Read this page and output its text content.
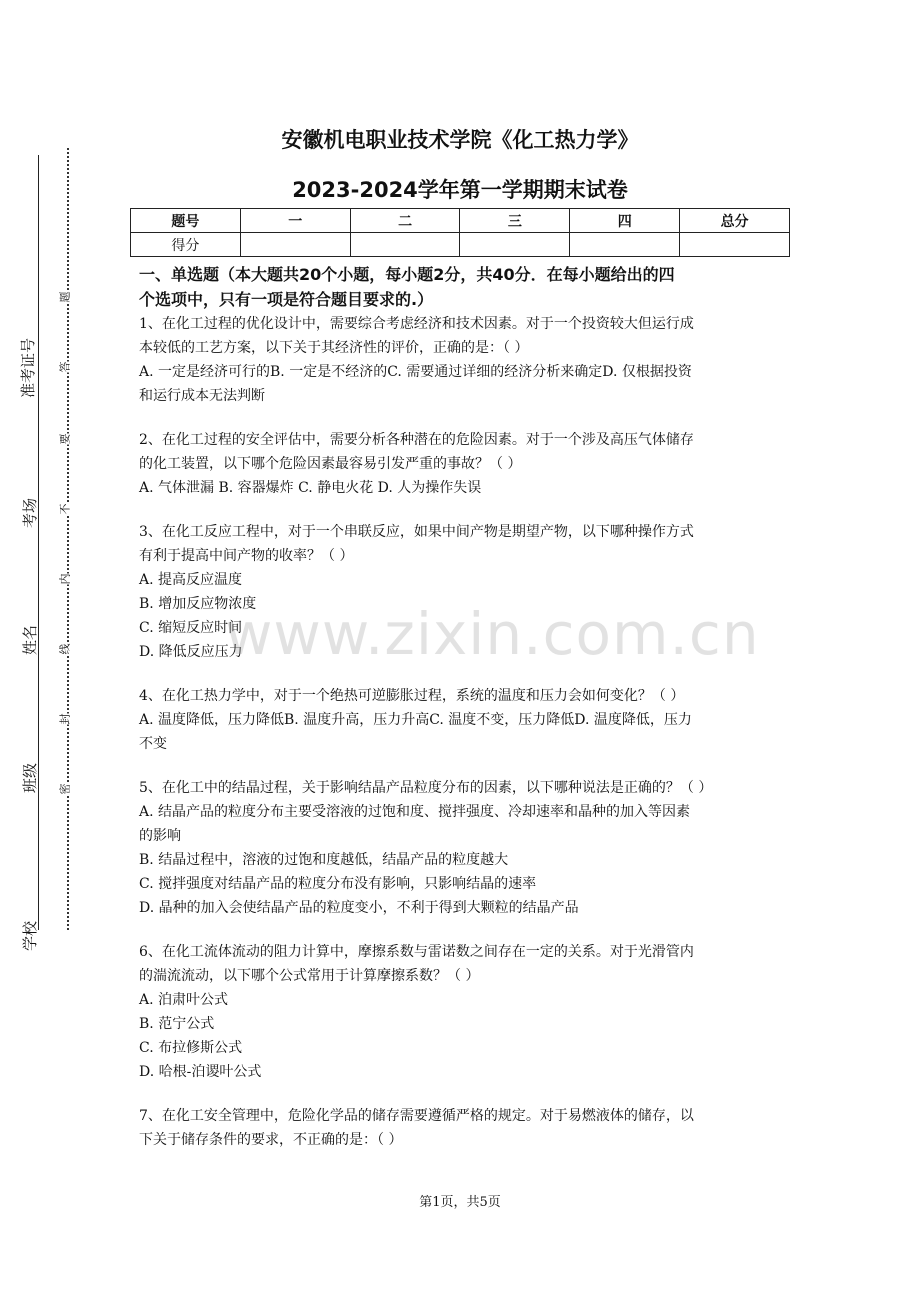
准考证号
考场
姓名
班级
学校
题
答
要
不
内
线
封
密
安徽机电职业技术学院《化工热力学》
2023-2024学年第一学期期末试卷
题号	一	二	三	四	总分
得分					
一、单选题（本大题共20个小题，每小题2分，共40分．在每小题给出的四
个选项中，只有一项是符合题目要求的.）
1、在化工过程的优化设计中，需要综合考虑经济和技术因素。对于一个投资较大但运行成
本较低的工艺方案，以下关于其经济性的评价，正确的是：（ ）
A. 一定是经济可行的B. 一定是不经济的C. 需要通过详细的经济分析来确定D. 仅根据投资
和运行成本无法判断
2、在化工过程的安全评估中，需要分析各种潜在的危险因素。对于一个涉及高压气体储存
的化工装置，以下哪个危险因素最容易引发严重的事故？（ ）
A. 气体泄漏 B. 容器爆炸 C. 静电火花 D. 人为操作失误
3、在化工反应工程中，对于一个串联反应，如果中间产物是期望产物，以下哪种操作方式
有利于提高中间产物的收率？（ ）
A. 提高反应温度
B. 增加反应物浓度
C. 缩短反应时间
D. 降低反应压力
4、在化工热力学中，对于一个绝热可逆膨胀过程，系统的温度和压力会如何变化？（ ）
A. 温度降低，压力降低B. 温度升高，压力升高C. 温度不变，压力降低D. 温度降低，压力
不变
5、在化工中的结晶过程，关于影响结晶产品粒度分布的因素，以下哪种说法是正确的？（ ）
A. 结晶产品的粒度分布主要受溶液的过饱和度、搅拌强度、冷却速率和晶种的加入等因素
的影响
B. 结晶过程中，溶液的过饱和度越低，结晶产品的粒度越大
C. 搅拌强度对结晶产品的粒度分布没有影响，只影响结晶的速率
D. 晶种的加入会使结晶产品的粒度变小，不利于得到大颗粒的结晶产品
6、在化工流体流动的阻力计算中，摩擦系数与雷诺数之间存在一定的关系。对于光滑管内
的湍流流动，以下哪个公式常用于计算摩擦系数？（ ）
A. 泊肃叶公式
B. 范宁公式
C. 布拉修斯公式
D. 哈根-泊谡叶公式
7、在化工安全管理中，危险化学品的储存需要遵循严格的规定。对于易燃液体的储存，以
下关于储存条件的要求，不正确的是：（ ）
www.zixin.com.cn
第1页，共5页
